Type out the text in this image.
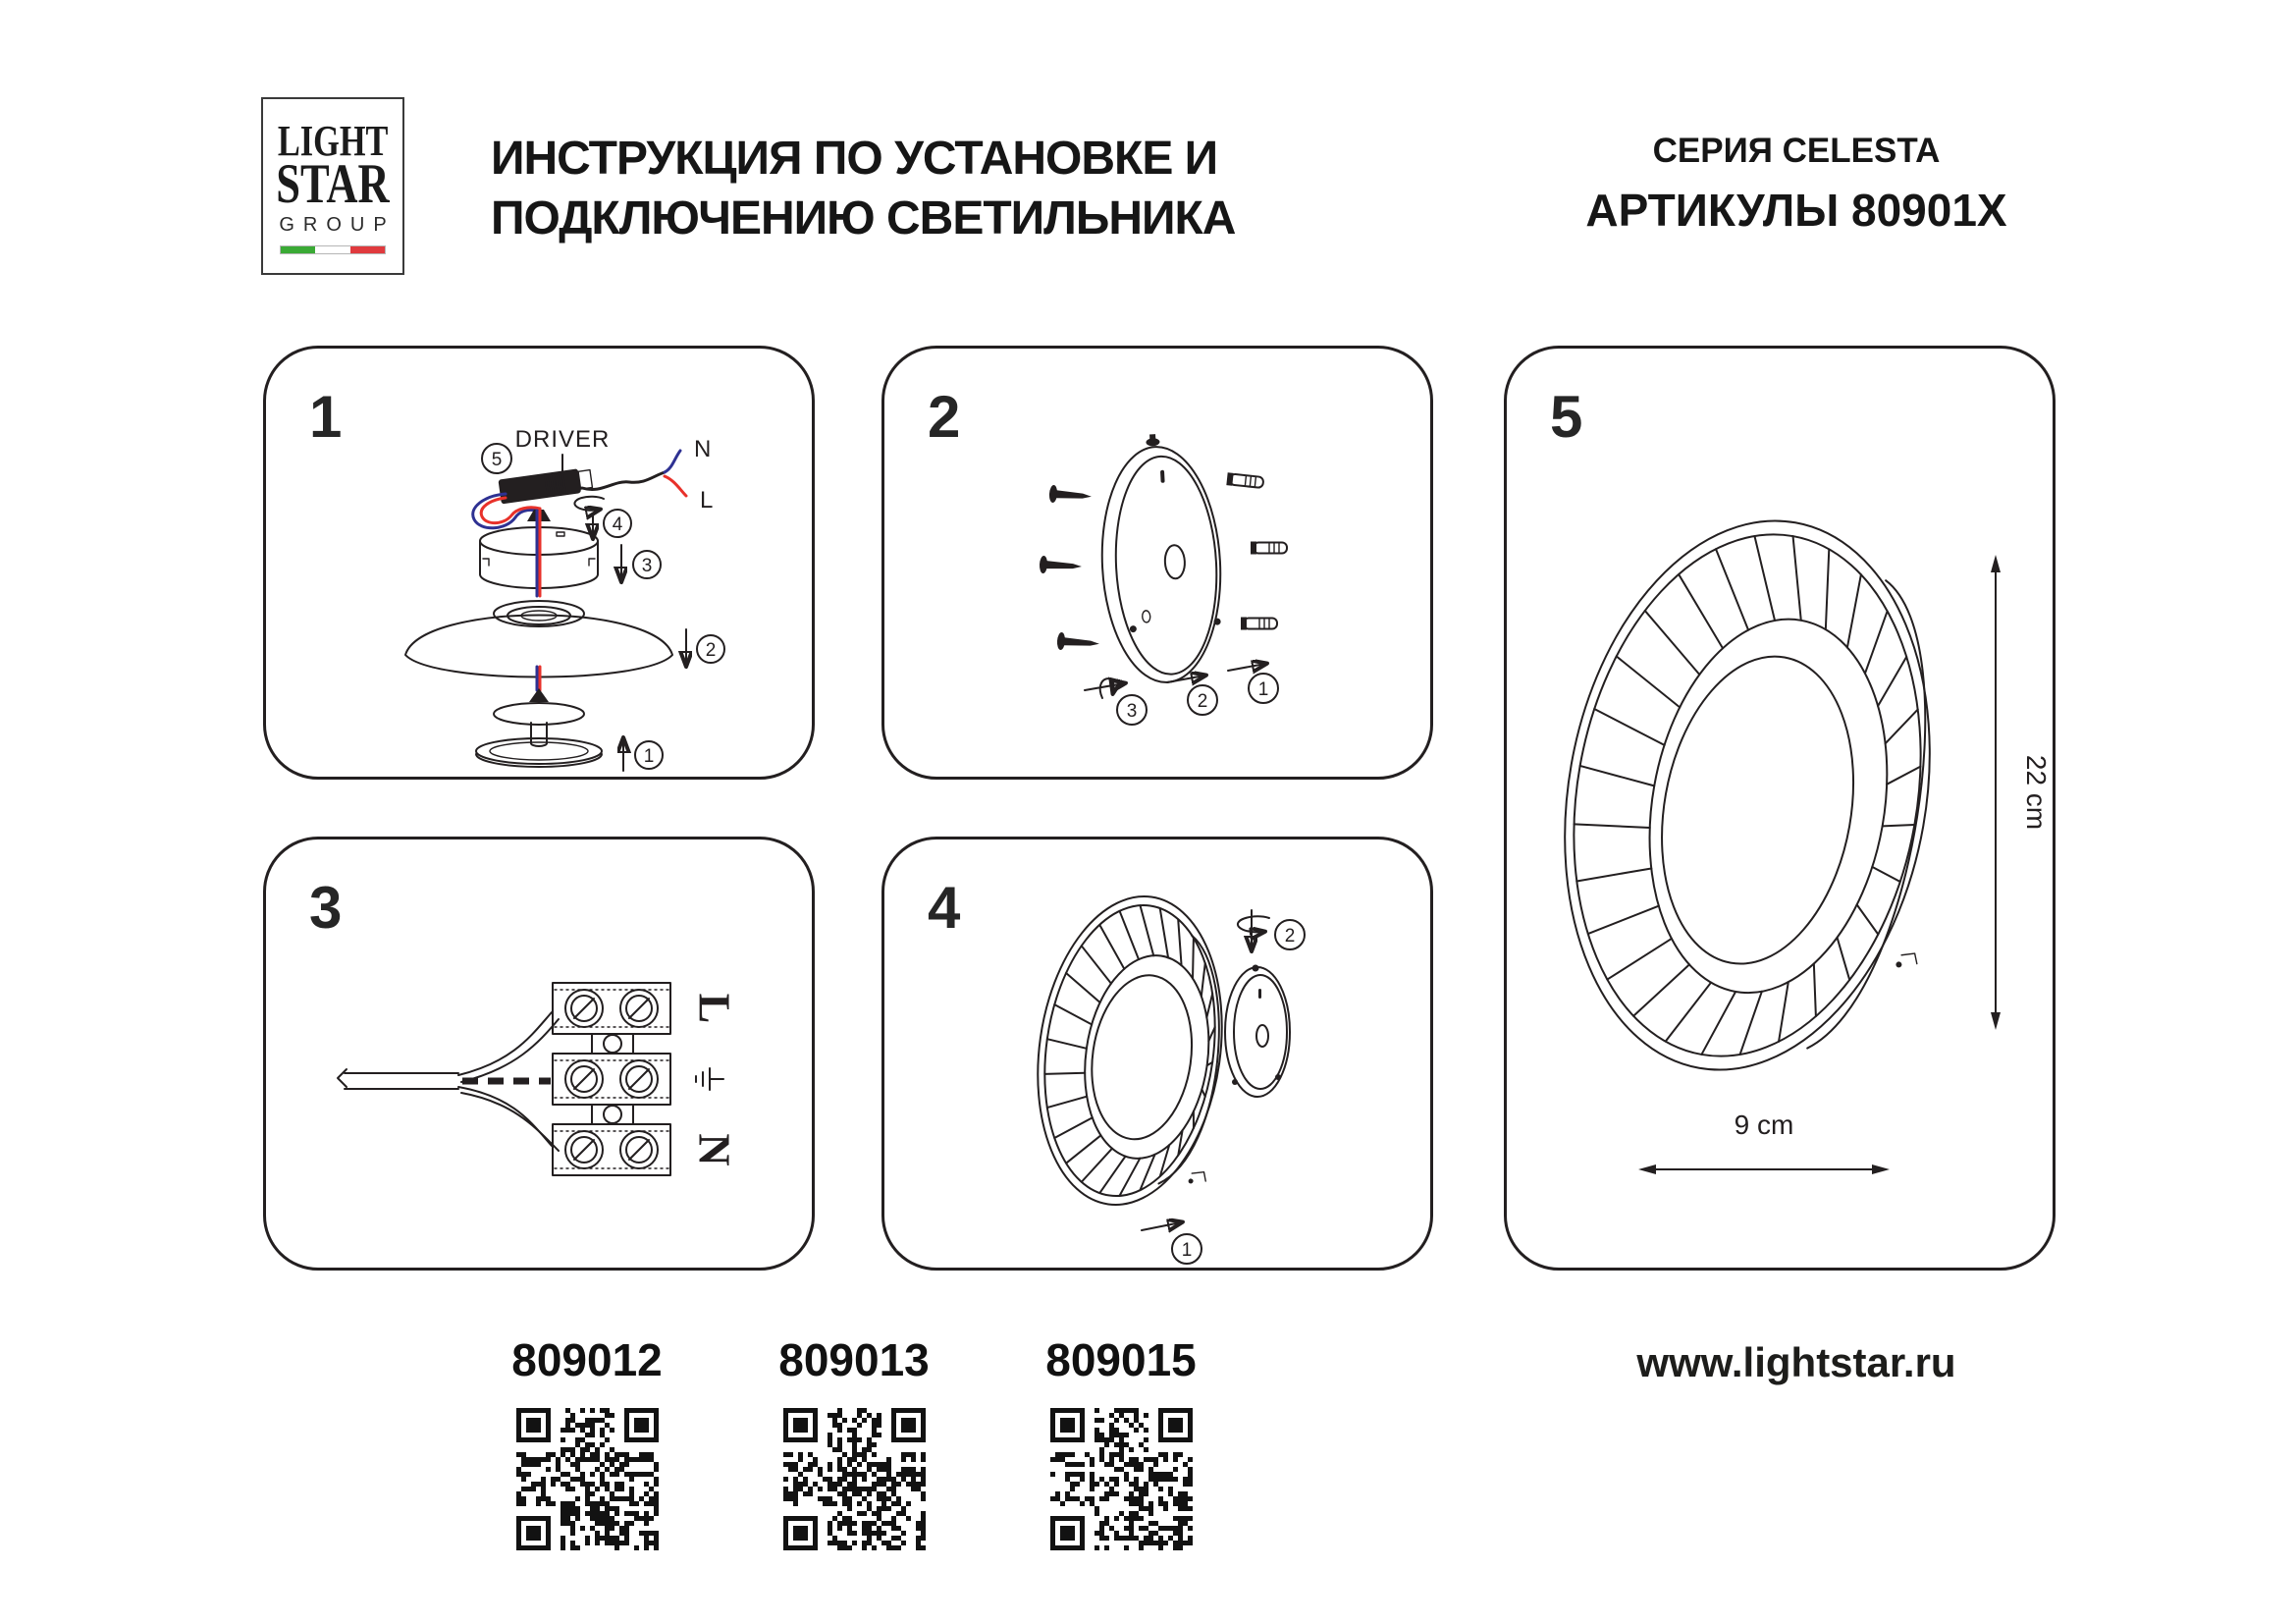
LIGHT
STAR
GROUP
ИНСТРУКЦИЯ ПО УСТАНОВКЕ И
ПОДКЛЮЧЕНИЮ СВЕТИЛЬНИКА
СЕРИЯ CELESTA
АРТИКУЛЫ 80901X
1	DRIVER
5	N
L
4
3
2
1
2
3	2
1
3
L
N
4	2
1
5
22 cm
9 cm
809012	809013	809015	www.lightstar.ru
